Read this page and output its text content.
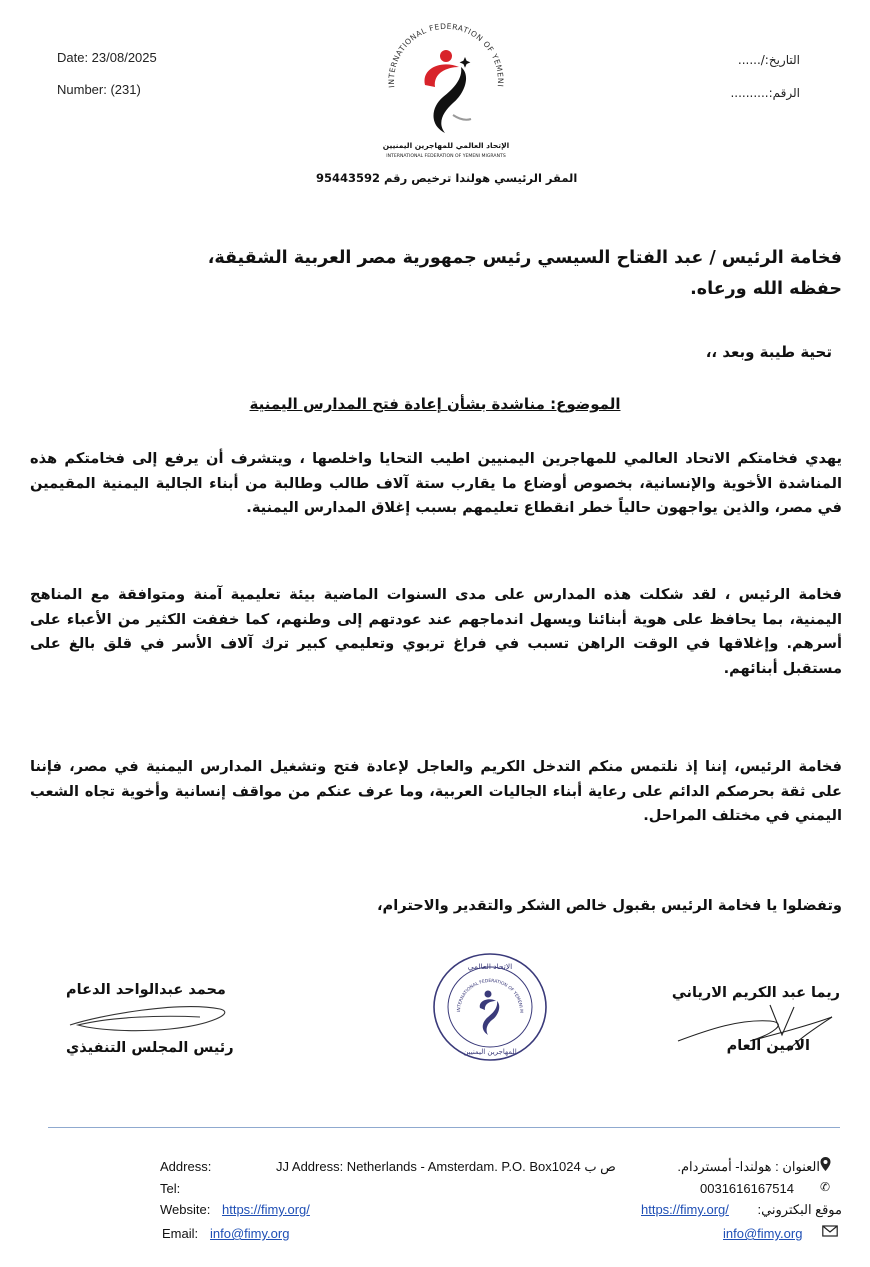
Date: 23/08/2025
Number: (231)
التاريخ:/......
الرقم:..........
INTERNATIONAL FEDERATION OF YEMENI
الإتحاد العالمي للمهاجرين اليمنيين
INTERNATIONAL FEDERATION OF YEMENI MIGRANTS
المقر الرئيسي هولندا ترخيص رقم 95443592
فخامة الرئيس / عبد الفتاح السيسي رئيس جمهورية مصر العربية الشقيقة،
حفظه الله ورعاه.
تحية طيبة وبعد ،،
الموضوع: مناشدة بشأن إعادة فتح المدارس اليمنية
يهدي فخامتكم الاتحاد العالمي للمهاجرين اليمنيين اطيب التحايا واخلصها ، ويتشرف أن يرفع إلى فخامتكم هذه المناشدة الأخوية والإنسانية، بخصوص أوضاع ما يقارب ستة آلاف طالب وطالبة من أبناء الجالية اليمنية المقيمين في مصر، والذين يواجهون حالياً خطر انقطاع تعليمهم بسبب إغلاق المدارس اليمنية.
فخامة الرئيس ، لقد شكلت هذه المدارس على مدى السنوات الماضية بيئة تعليمية آمنة ومتوافقة مع المناهج اليمنية، بما يحافظ على هوية أبنائنا ويسهل اندماجهم عند عودتهم إلى وطنهم، كما خففت الكثير من الأعباء على أسرهم. وإغلاقها في الوقت الراهن تسبب في فراغ تربوي وتعليمي كبير ترك آلاف الأسر في قلق بالغ على مستقبل أبنائهم.
فخامة الرئيس، إننا إذ نلتمس منكم التدخل الكريم والعاجل لإعادة فتح وتشغيل المدارس اليمنية في مصر، فإننا على ثقة بحرصكم الدائم على رعاية أبناء الجاليات العربية، وما عرف عنكم من مواقف إنسانية وأخوية تجاه الشعب اليمني في مختلف المراحل.
وتفضلوا يا فخامة الرئيس بقبول خالص الشكر والتقدير والاحترام،
ريما عبد الكريم الارياني
الامين العام
محمد عبدالواحد الدعام
رئيس المجلس التنفيذي
الإتحاد العالمي
INTERNATIONAL FEDERATION OF YEMENI M
للمهاجرين اليمنيين
Address:
Tel:
Website: https://fimy.org/
Email: info@fimy.org
JJ Address: Netherlands - Amsterdam. P.O. Box1024 ص ب	العنوان : هولندا- أمستردام.
0031616167514 ✆
https://fimy.org/ موقع البكتروني:
info@fimy.org
